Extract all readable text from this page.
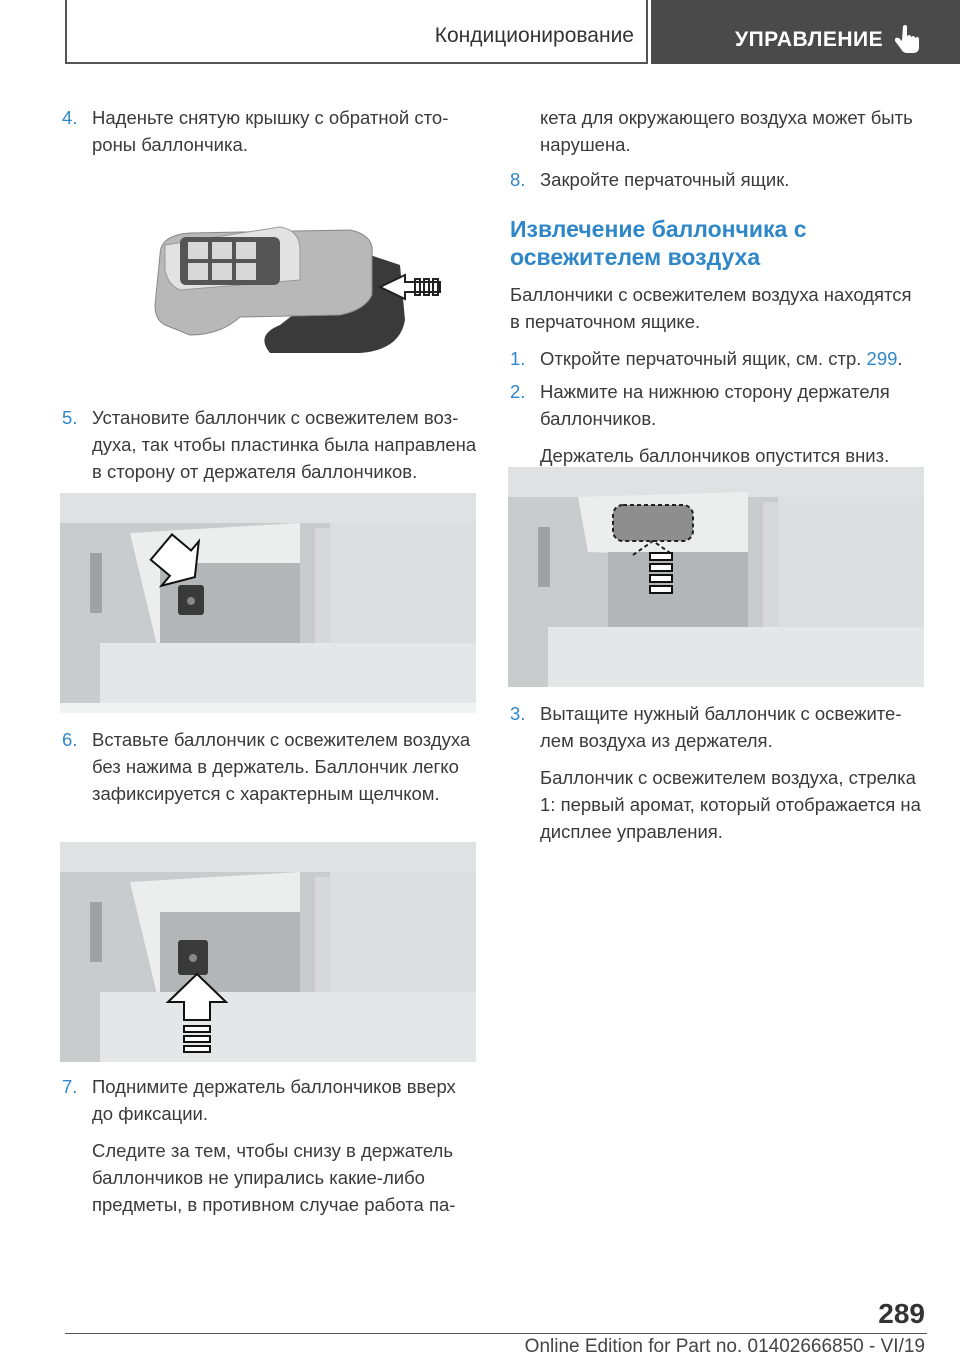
Кондиционирование	УПРАВЛЕНИЕ
4. Наденьте снятую крышку с обратной стороны баллончика.

5. Установите баллончик с освежителем воздуха, так чтобы пластинка была направлена в сторону от держателя баллончиков.

6. Вставьте баллончик с освежителем воздуха без нажима в держатель. Баллончик легко зафиксируется с характерным щелчком.

7. Поднимите держатель баллончиков вверх до фиксации.

Следите за тем, чтобы снизу в держатель баллончиков не упирались какие-либо предметы, в противном случае работа па-

кета для окружающего воздуха может быть нарушена.
8. Закройте перчаточный ящик.

Извлечение баллончика с освежителем воздуха

Баллончики с освежителем воздуха находятся в перчаточном ящике.

1. Откройте перчаточный ящик, см. стр. 299.

2. Нажмите на нижнюю сторону держателя баллончиков.

Держатель баллончиков опустится вниз.

3. Вытащите нужный баллончик с освежителем воздуха из держателя.

Баллончик с освежителем воздуха, стрелка 1: первый аромат, который отображается на дисплее управления.

289
Online Edition for Part no. 01402666850 - VI/19
